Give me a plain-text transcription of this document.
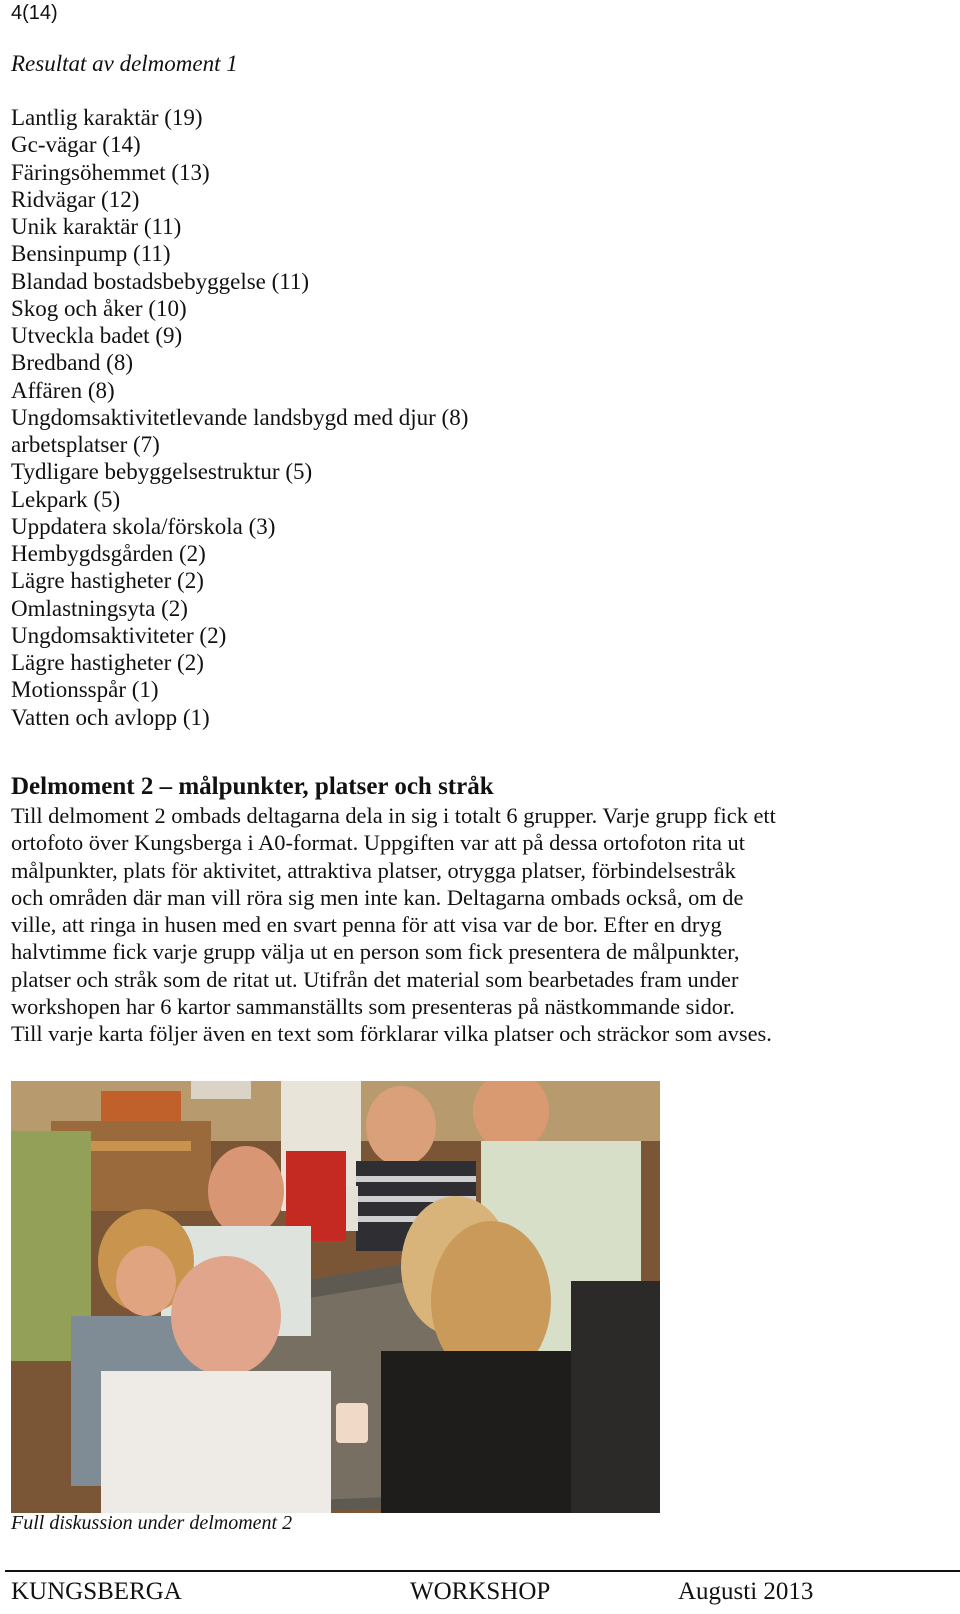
4(14)
Resultat av delmoment 1
Lantlig karaktär (19)
Gc-vägar (14)
Färingsöhemmet (13)
Ridvägar (12)
Unik karaktär (11)
Bensinpump (11)
Blandad bostadsbebyggelse (11)
Skog och åker (10)
Utveckla badet (9)
Bredband (8)
Affären (8)
Ungdomsaktivitetlevande landsbygd med djur (8)
arbetsplatser (7)
Tydligare bebyggelsestruktur (5)
Lekpark (5)
Uppdatera skola/förskola (3)
Hembygdsgården (2)
Lägre hastigheter (2)
Omlastningsyta (2)
Ungdomsaktiviteter (2)
Lägre hastigheter (2)
Motionsspår (1)
Vatten och avlopp (1)
Delmoment 2 – målpunkter, platser och stråk

Till delmoment 2 ombads deltagarna dela in sig i totalt 6 grupper. Varje grupp fick ett
ortofoto över Kungsberga i A0-format. Uppgiften var att på dessa ortofoton rita ut
målpunkter, plats för aktivitet, attraktiva platser, otrygga platser, förbindelsestråk
och områden där man vill röra sig men inte kan. Deltagarna ombads också, om de
ville, att ringa in husen med en svart penna för att visa var de bor. Efter en dryg
halvtimme fick varje grupp välja ut en person som fick presentera de målpunkter,
platser och stråk som de ritat ut. Utifrån det material som bearbetades fram under
workshopen har 6 kartor sammanställts som presenteras på nästkommande sidor.
Till varje karta följer även en text som förklarar vilka platser och sträckor som avses.

Full diskussion under delmoment 2
KUNGSBERGA	WORKSHOP	Augusti 2013
